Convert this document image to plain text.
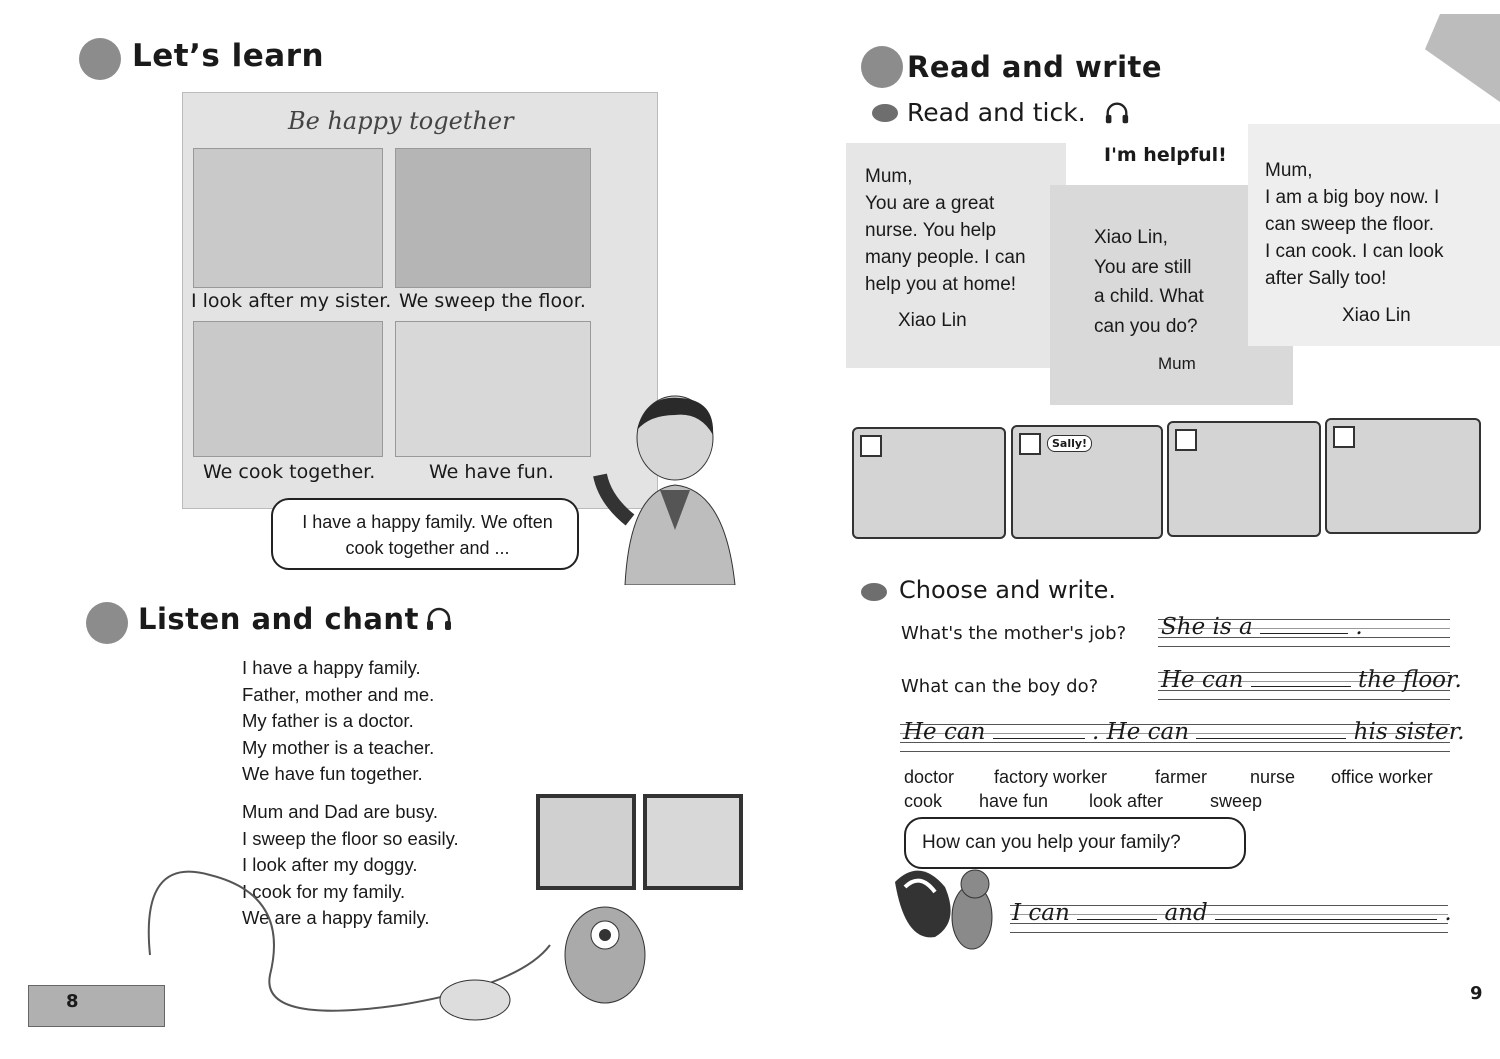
Let’s learn
Be happy together
I look after my sister. We sweep the floor.
We cook together.	We have fun.
I have a happy family. We often cook together and ...
Listen and chant
I have a happy family.
Father, mother and me.
My father is a doctor.
My mother is a teacher.
We have fun together.
Mum and Dad are busy.
I sweep the floor so easily.
I look after my doggy.
I cook for my family.
We are a happy family.
8
Read and write
Read and tick.
Mum,
You are a great
nurse. You help
many people. I can
help you at home!
Xiao Lin
I'm helpful!
Xiao Lin,
You are still
a child. What
can you do?
Mum
Mum,
I am a big boy now. I
can sweep the floor.
I can cook. I can look
after Sally too!
Xiao Lin
Sally!
Choose and write.
What's the mother's job? She is a	.
What can the boy do?	He can	the floor.
He can	. He can	his sister.
doctor factory worker	farmer nurse office worker
cook have fun look after	sweep
How can you help your family?
I can	and	.
9
